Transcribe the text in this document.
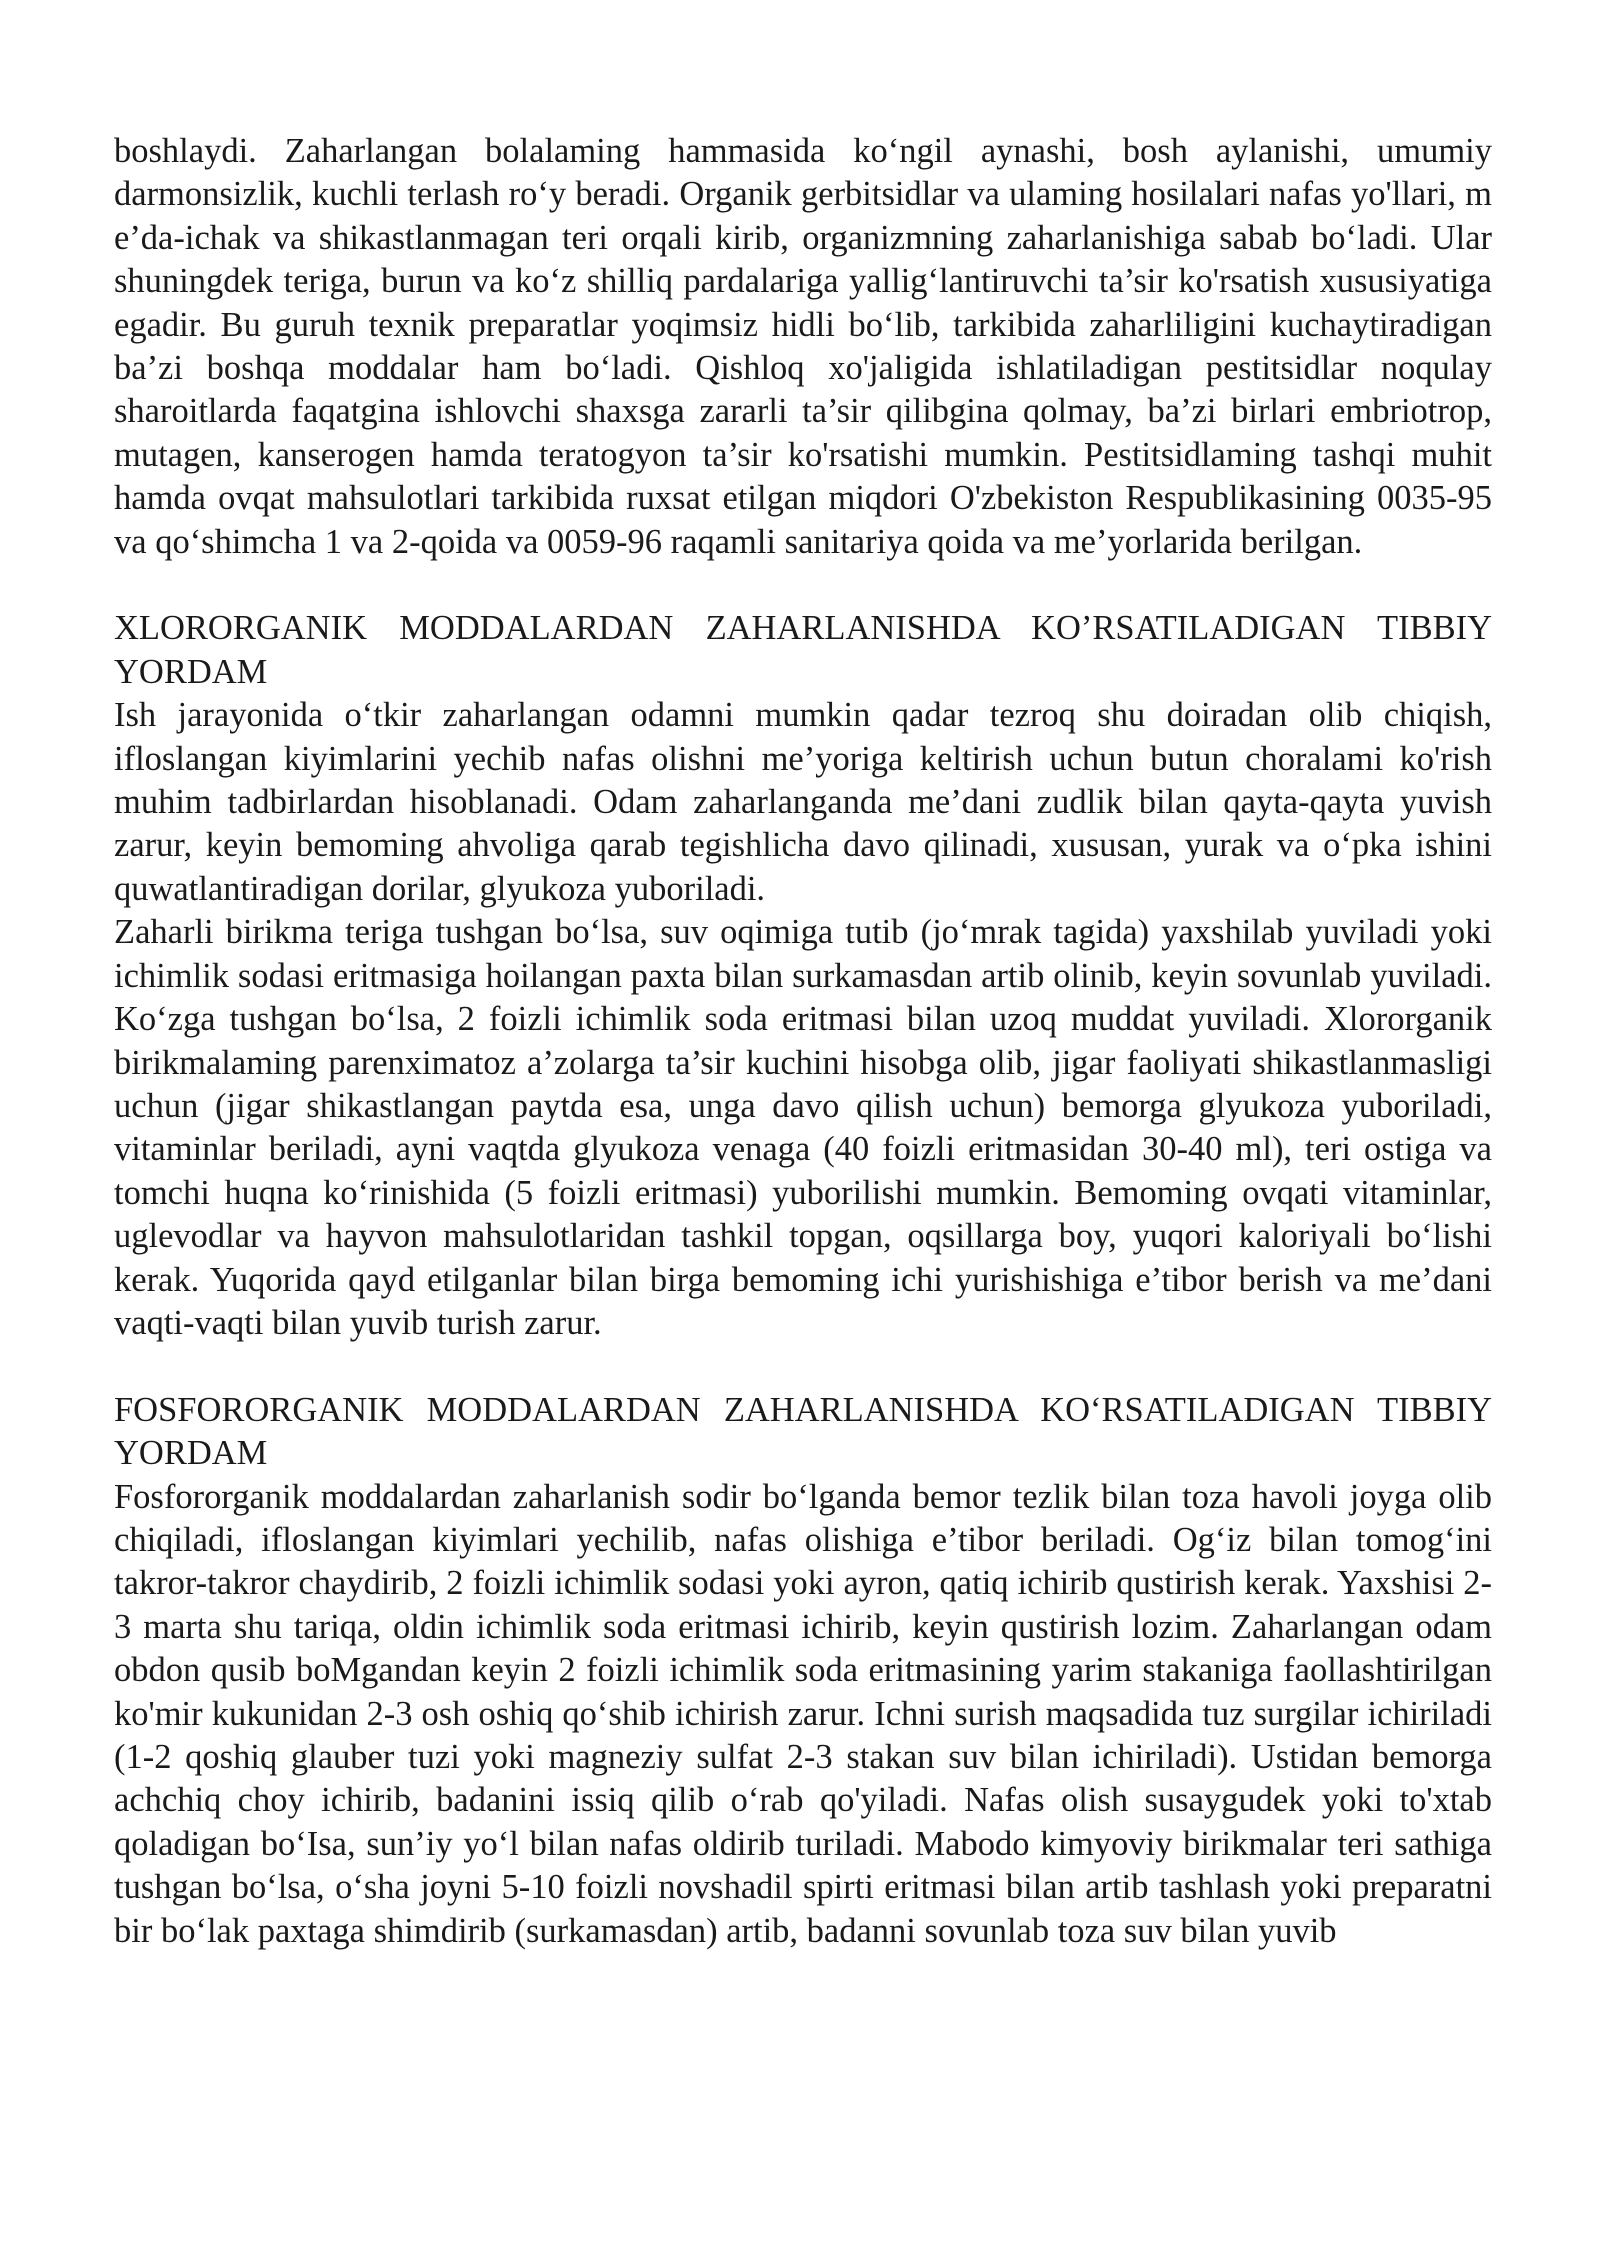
boshlaydi. Zaharlangan bolalaming hammasida ko‘ngil aynashi, bosh aylanishi, umumiy darmonsizlik, kuchli terlash ro‘y beradi. Organik gerbitsidlar va ulaming hosilalari nafas yo'llari, m e’da-ichak va shikastlanmagan teri orqali kirib, organizmning zaharlanishiga sabab bo‘ladi. Ular shuningdek teriga, burun va ko‘z shilliq pardalariga yallig‘lantiruvchi ta’sir ko'rsatish xususiyatiga egadir. Bu guruh texnik preparatlar yoqimsiz hidli bo‘lib, tarkibida zaharliligini kuchaytiradigan ba’zi boshqa moddalar ham bo‘ladi. Qishloq xo'jaligida ishlatiladigan pestitsidlar noqulay sharoitlarda faqatgina ishlovchi shaxsga zararli ta’sir qilibgina qolmay, ba’zi birlari embriotrop, mutagen, kanserogen hamda teratogyon ta’sir ko'rsatishi mumkin. Pestitsidlaming tashqi muhit hamda ovqat mahsulotlari tarkibida ruxsat etilgan miqdori O'zbekiston Respublikasining 0035-95 va qo‘shimcha 1 va 2-qoida va 0059-96 raqamli sanitariya qoida va me’yorlarida berilgan.

XLORORGANIK MODDALARDAN ZAHARLANISHDA KO’RSATILADIGAN TIBBIY YORDAM

Ish jarayonida o‘tkir zaharlangan odamni mumkin qadar tezroq shu doiradan olib chiqish, ifloslangan kiyimlarini yechib nafas olishni me’yoriga keltirish uchun butun choralami ko'rish muhim tadbirlardan hisoblanadi. Odam zaharlanganda me’dani zudlik bilan qayta-qayta yuvish zarur, keyin bemoming ahvoliga qarab tegishlicha davo qilinadi, xususan, yurak va o‘pka ishini quwatlantiradigan dorilar, glyukoza yuboriladi.

Zaharli birikma teriga tushgan bo‘lsa, suv oqimiga tutib (jo‘mrak tagida) yaxshilab yuviladi yoki ichimlik sodasi eritmasiga hoilangan paxta bilan surkamasdan artib olinib, keyin sovunlab yuviladi. Ko‘zga tushgan bo‘lsa, 2 foizli ichimlik soda eritmasi bilan uzoq muddat yuviladi. Xlororganik birikmalaming parenximatoz a’zolarga ta’sir kuchini hisobga olib, jigar faoliyati shikastlanmasligi uchun (jigar shikastlangan paytda esa, unga davo qilish uchun) bemorga glyukoza yuboriladi, vitaminlar beriladi, ayni vaqtda glyukoza venaga (40 foizli eritmasidan 30-40 ml), teri ostiga va tomchi huqna ko‘rinishida (5 foizli eritmasi) yuborilishi mumkin. Bemoming ovqati vitaminlar, uglevodlar va hayvon mahsulotlaridan tashkil topgan, oqsillarga boy, yuqori kaloriyali bo‘lishi kerak. Yuqorida qayd etilganlar bilan birga bemoming ichi yurishishiga e’tibor berish va me’dani vaqti-vaqti bilan yuvib turish zarur.

FOSFORORGANIK MODDALARDAN ZAHARLANISHDA KO‘RSATILADIGAN TIBBIY YORDAM

Fosfororganik moddalardan zaharlanish sodir bo‘lganda bemor tezlik bilan toza havoli joyga olib chiqiladi, ifloslangan kiyimlari yechilib, nafas olishiga e’tibor beriladi. Og‘iz bilan tomog‘ini takror-takror chaydirib, 2 foizli ichimlik sodasi yoki ayron, qatiq ichirib qustirish kerak. Yaxshisi 2-3 marta shu tariqa, oldin ichimlik soda eritmasi ichirib, keyin qustirish lozim. Zaharlangan odam obdon qusib boMgandan keyin 2 foizli ichimlik soda eritmasining yarim stakaniga faollashtirilgan ko'mir kukunidan 2-3 osh oshiq qo‘shib ichirish zarur. Ichni surish maqsadida tuz surgilar ichiriladi (1-2 qoshiq glauber tuzi yoki magneziy sulfat 2-3 stakan suv bilan ichiriladi). Ustidan bemorga achchiq choy ichirib, badanini issiq qilib o‘rab qo'yiladi. Nafas olish susaygudek yoki to'xtab qoladigan bo‘Isa, sun’iy yo‘l bilan nafas oldirib turiladi. Mabodo kimyoviy birikmalar teri sathiga tushgan bo‘lsa, o‘sha joyni 5-10 foizli novshadil spirti eritmasi bilan artib tashlash yoki preparatni bir bo‘lak paxtaga shimdirib (surkamasdan) artib, badanni sovunlab toza suv bilan yuvib
